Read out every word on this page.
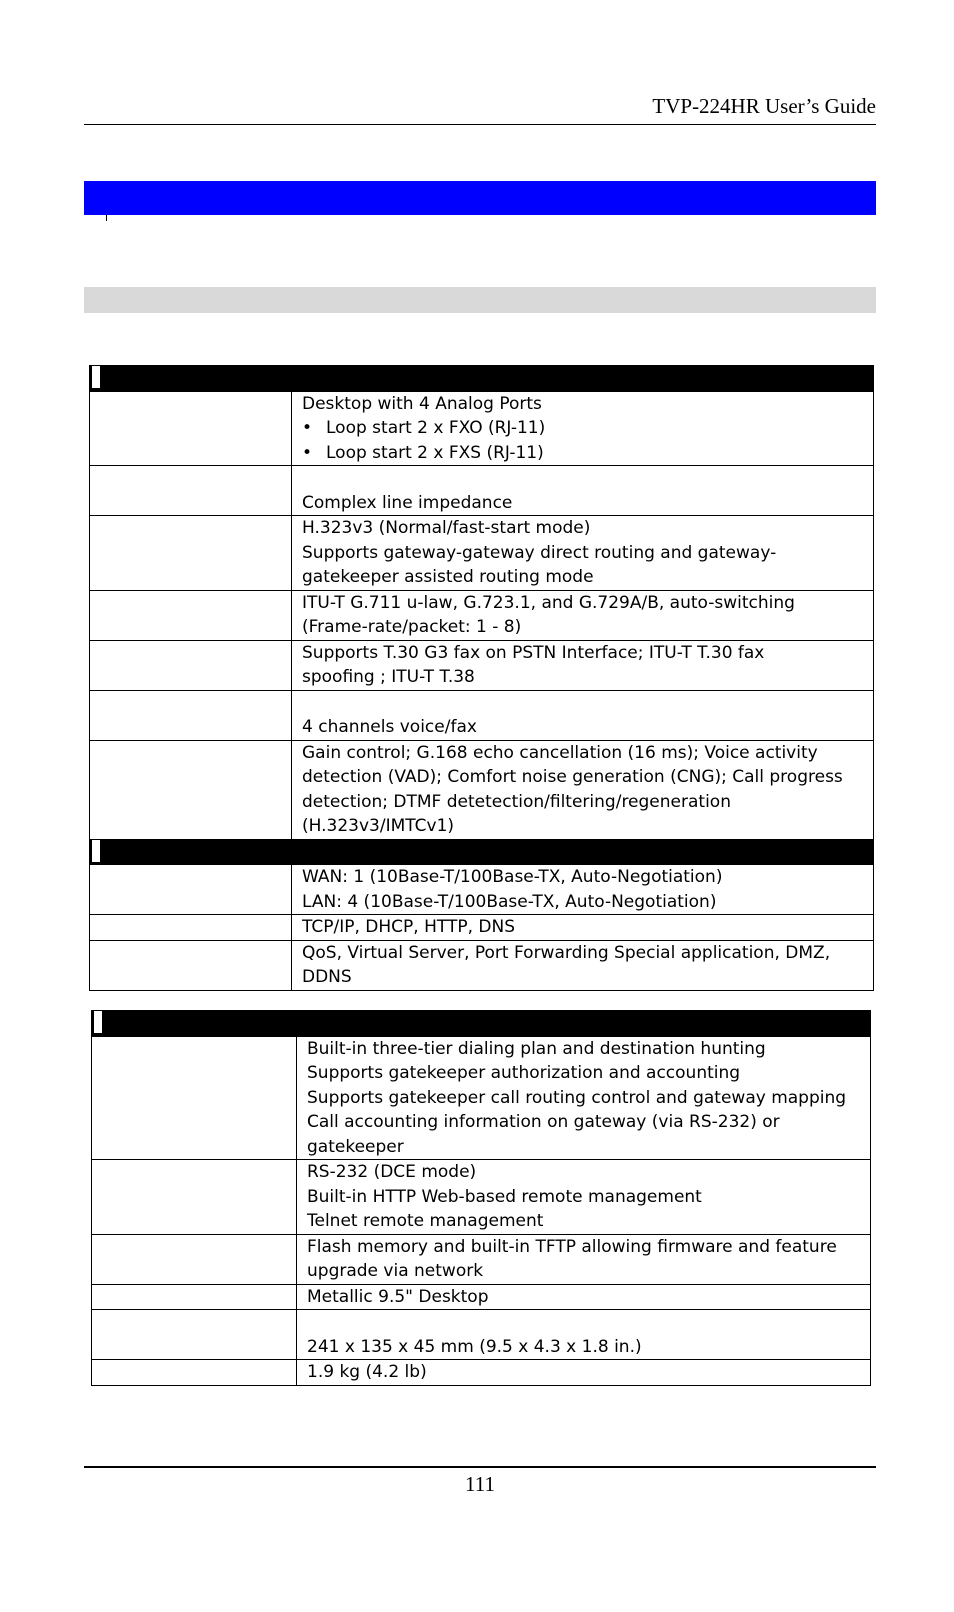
TVP-224HR User’s Guide

	Desktop with 4 Analog Ports
• Loop start 2 x FXO (RJ-11)
• Loop start 2 x FXS (RJ-11)

	Complex line impedance

	H.323v3 (Normal/fast-start mode)
Supports gateway-gateway direct routing and gateway-
gatekeeper assisted routing mode

	ITU-T G.711 u-law, G.723.1, and G.729A/B, auto-switching
(Frame-rate/packet: 1 - 8)

	Supports T.30 G3 fax on PSTN Interface; ITU-T T.30 fax
spoofing ; ITU-T T.38

	4 channels voice/fax

	Gain control; G.168 echo cancellation (16 ms); Voice activity
detection (VAD); Comfort noise generation (CNG); Call progress
detection; DTMF detetection/filtering/regeneration
(H.323v3/IMTCv1)

	WAN: 1 (10Base-T/100Base-TX, Auto-Negotiation)
LAN: 4 (10Base-T/100Base-TX, Auto-Negotiation)

	TCP/IP, DHCP, HTTP, DNS

	QoS, Virtual Server, Port Forwarding Special application, DMZ,
DDNS

	Built-in three-tier dialing plan and destination hunting
Supports gatekeeper authorization and accounting
Supports gatekeeper call routing control and gateway mapping
Call accounting information on gateway (via RS-232) or
gatekeeper

	RS-232 (DCE mode)
Built-in HTTP Web-based remote management
Telnet remote management

	Flash memory and built-in TFTP allowing firmware and feature
upgrade via network

	Metallic 9.5" Desktop

	241 x 135 x 45 mm (9.5 x 4.3 x 1.8 in.)

	1.9 kg (4.2 lb)
111
